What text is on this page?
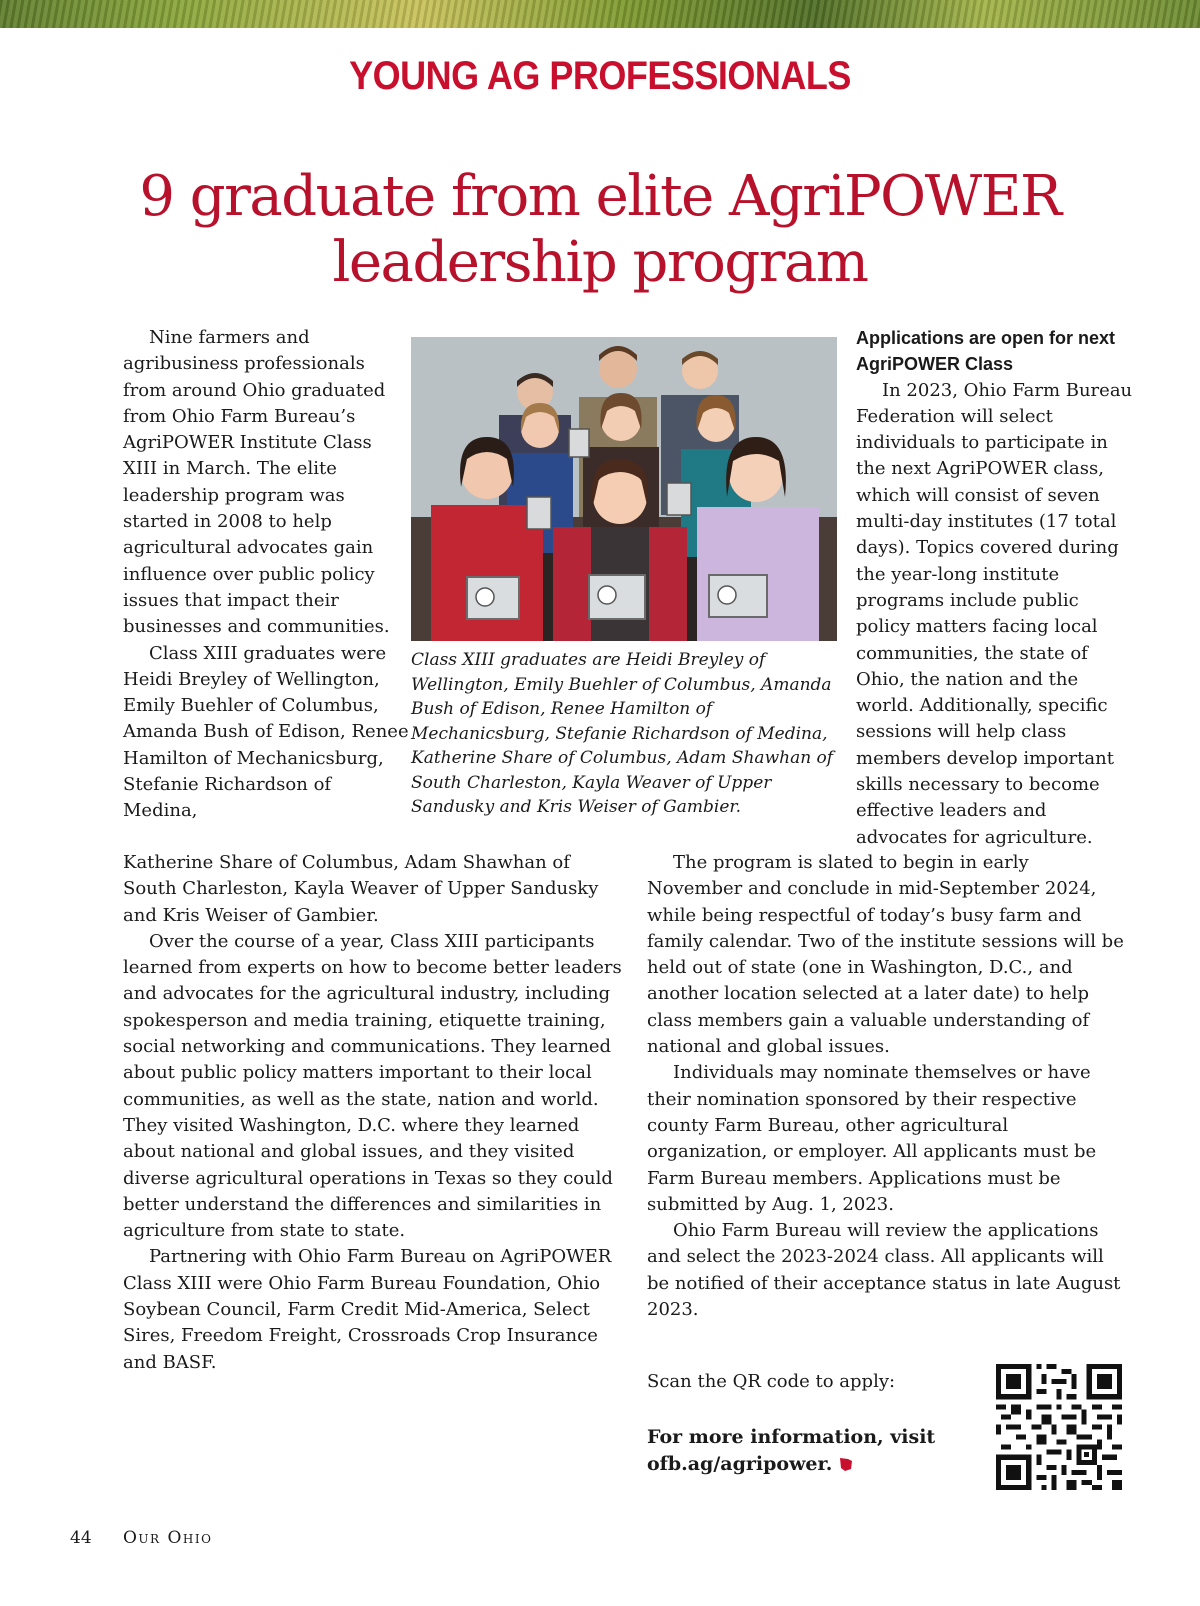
YOUNG AG PROFESSIONALS
9 graduate from elite AgriPOWER leadership program

Nine farmers and agribusiness professionals from around Ohio graduated from Ohio Farm Bureau’s AgriPOWER Institute Class XIII in March. The elite leadership program was started in 2008 to help agricultural advocates gain influence over public policy issues that impact their businesses and communities.

Class XIII graduates were Heidi Breyley of Wellington, Emily Buehler of Columbus, Amanda Bush of Edison, Renee Hamilton of Mechanicsburg, Stefanie Richardson of Medina,

Class XIII graduates are Heidi Breyley of Wellington, Emily Buehler of Columbus, Amanda Bush of Edison, Renee Hamilton of Mechanicsburg, Stefanie Richardson of Medina, Katherine Share of Columbus, Adam Shawhan of South Charleston, Kayla Weaver of Upper Sandusky and Kris Weiser of Gambier.

Applications are open for next AgriPOWER Class

In 2023, Ohio Farm Bureau Federation will select individuals to participate in the next AgriPOWER class, which will consist of seven multi-day institutes (17 total days). Topics covered during the year-long institute programs include public policy matters facing local communities, the state of Ohio, the nation and the world. Additionally, specific sessions will help class members develop important skills necessary to become effective leaders and advocates for agriculture.

Katherine Share of Columbus, Adam Shawhan of South Charleston, Kayla Weaver of Upper Sandusky and Kris Weiser of Gambier.

Over the course of a year, Class XIII participants learned from experts on how to become better leaders and advocates for the agricultural industry, including spokesperson and media training, etiquette training, social networking and communications. They learned about public policy matters important to their local communities, as well as the state, nation and world. They visited Washington, D.C. where they learned about national and global issues, and they visited diverse agricultural operations in Texas so they could better understand the differences and similarities in agriculture from state to state.

Partnering with Ohio Farm Bureau on AgriPOWER Class XIII were Ohio Farm Bureau Foundation, Ohio Soybean Council, Farm Credit Mid-America, Select Sires, Freedom Freight, Crossroads Crop Insurance and BASF.

The program is slated to begin in early November and conclude in mid-September 2024, while being respectful of today’s busy farm and family calendar. Two of the institute sessions will be held out of state (one in Washington, D.C., and another location selected at a later date) to help class members gain a valuable understanding of national and global issues.

Individuals may nominate themselves or have their nomination sponsored by their respective county Farm Bureau, other agricultural organization, or employer. All applicants must be Farm Bureau members. Applications must be submitted by Aug. 1, 2023.

Ohio Farm Bureau will review the applications and select the 2023-2024 class. All applicants will be notified of their acceptance status in late August 2023.

Scan the QR code to apply:

For more information, visit
ofb.ag/agripower.

44 Our Ohio
